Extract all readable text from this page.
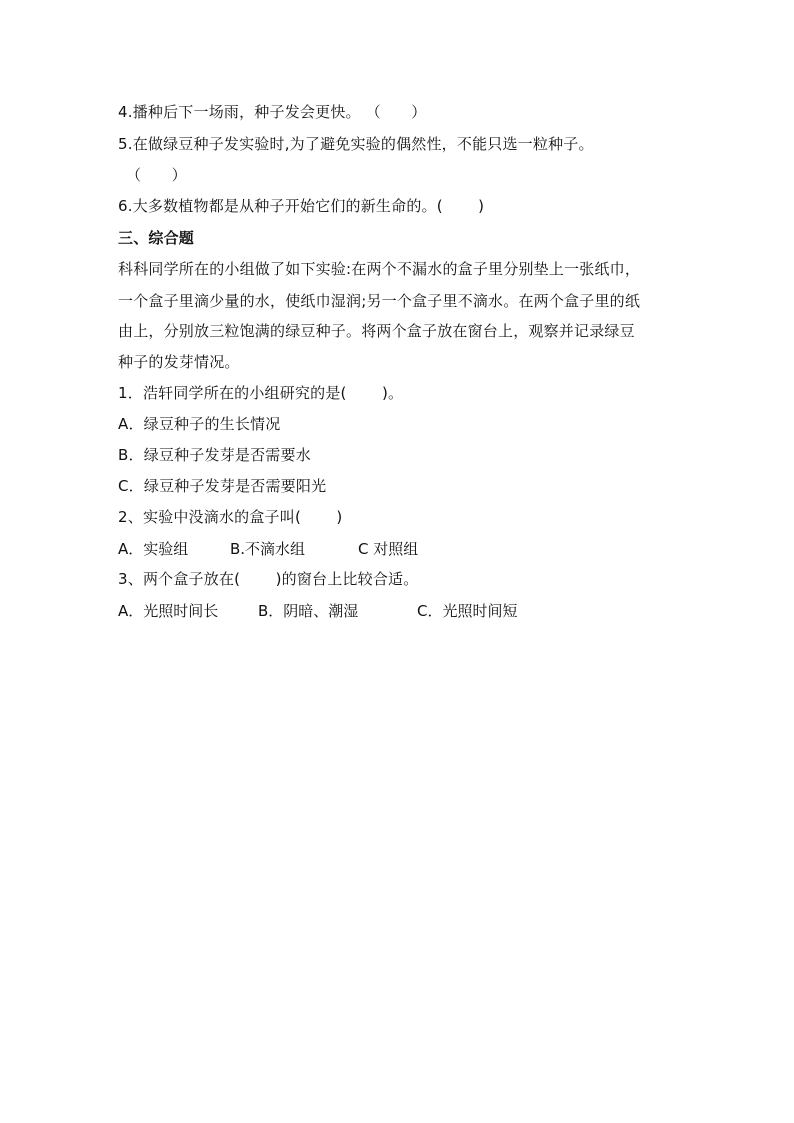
4.播种后下一场雨，种子发会更快。 （　　）
5.在做绿豆种子发实验时,为了避免实验的偶然性，不能只选一粒种子。
（　　）
6.大多数植物都是从种子开始它们的新生命的。(　　 )
三、综合题
科科同学所在的小组做了如下实验:在两个不漏水的盒子里分别垫上一张纸巾，
一个盒子里滴少量的水，使纸巾湿润;另一个盒子里不滴水。在两个盒子里的纸
由上，分别放三粒饱满的绿豆种子。将两个盒子放在窗台上，观察并记录绿豆
种子的发芽情况。
1．浩轩同学所在的小组研究的是(　　 )。
A．绿豆种子的生长情况
B．绿豆种子发芽是否需要水
C．绿豆种子发芽是否需要阳光
2、实验中没滴水的盒子叫(　　 )
A．实验组	B.不滴水组	C 对照组
3、两个盒子放在(　　 )的窗台上比较合适。
A．光照时间长	B．阴暗、潮湿	C．光照时间短
